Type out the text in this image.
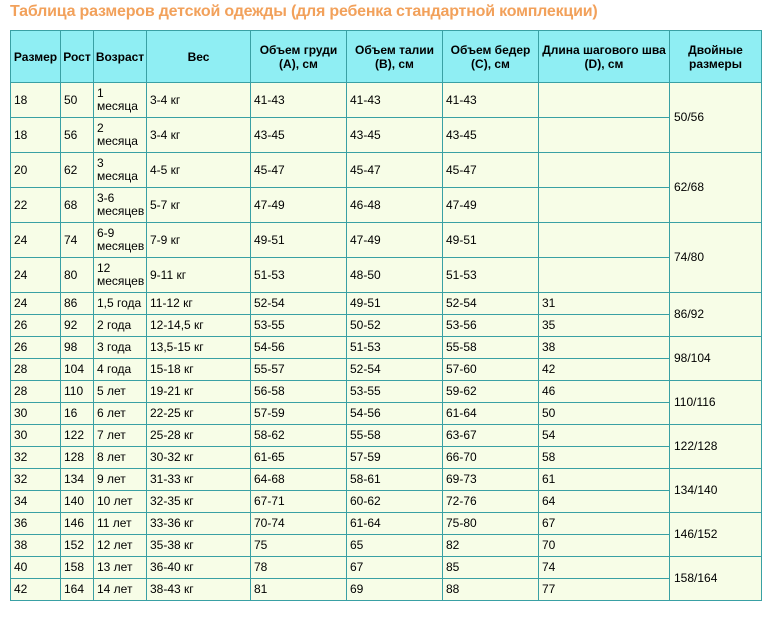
Таблица размеров детской одежды (для ребенка стандартной комплекции)
Размер	Рост	Возраст	Вес	Объем груди (A), см	Объем талии (B), см	Объем бедер (C), см	Длина шагового шва (D), см	Двойные размеры
18	50	1 месяца	3-4 кг	41-43	41-43	41-43		50/56
18	56	2 месяца	3-4 кг	43-45	43-45	43-45		
20	62	3 месяца	4-5 кг	45-47	45-47	45-47		62/68
22	68	3-6 месяцев	5-7 кг	47-49	46-48	47-49		
24	74	6-9 месяцев	7-9 кг	49-51	47-49	49-51		74/80
24	80	12 месяцев	9-11 кг	51-53	48-50	51-53		
24	86	1,5 года	11-12 кг	52-54	49-51	52-54	31	86/92
26	92	2 года	12-14,5 кг	53-55	50-52	53-56	35	
26	98	3 года	13,5-15 кг	54-56	51-53	55-58	38	98/104
28	104	4 года	15-18 кг	55-57	52-54	57-60	42	
28	110	5 лет	19-21 кг	56-58	53-55	59-62	46	110/116
30	16	6 лет	22-25 кг	57-59	54-56	61-64	50	
30	122	7 лет	25-28 кг	58-62	55-58	63-67	54	122/128
32	128	8 лет	30-32 кг	61-65	57-59	66-70	58	
32	134	9 лет	31-33 кг	64-68	58-61	69-73	61	134/140
34	140	10 лет	32-35 кг	67-71	60-62	72-76	64	
36	146	11 лет	33-36 кг	70-74	61-64	75-80	67	146/152
38	152	12 лет	35-38 кг	75	65	82	70	
40	158	13 лет	36-40 кг	78	67	85	74	158/164
42	164	14 лет	38-43 кг	81	69	88	77	
